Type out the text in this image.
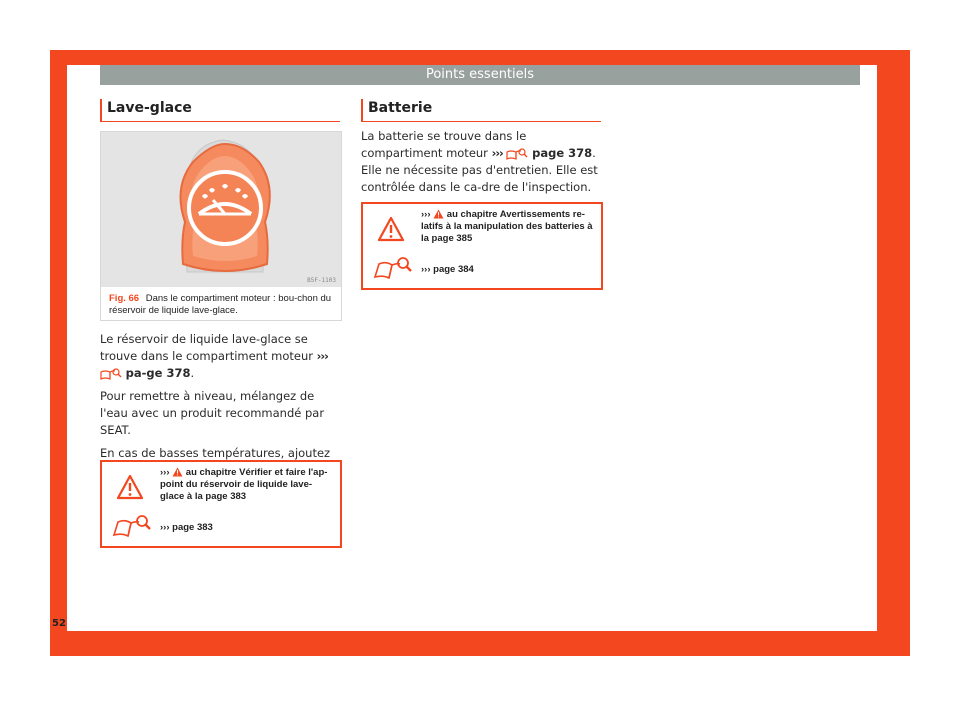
Points essentiels
Lave-glace
B5F-1103
Fig. 66 Dans le compartiment moteur : bou-chon du réservoir de liquide lave-glace.

Le réservoir de liquide lave-glace se trouve dans le compartiment moteur ›››  pa-ge 378.

Pour remettre à niveau, mélangez de l'eau avec un produit recommandé par SEAT.

En cas de basses températures, ajoutez

››› au chapitre Vérifier et faire l'ap-point du réservoir de liquide lave-glace à la page 383
››› page 383
Batterie

La batterie se trouve dans le compartiment moteur ›››	page 378. Elle ne nécessite pas d'entretien. Elle est contrôlée dans le ca-dre de l'inspection.

››› au chapitre Avertissements re-latifs à la manipulation des batteries à la page 385
››› page 384
52
